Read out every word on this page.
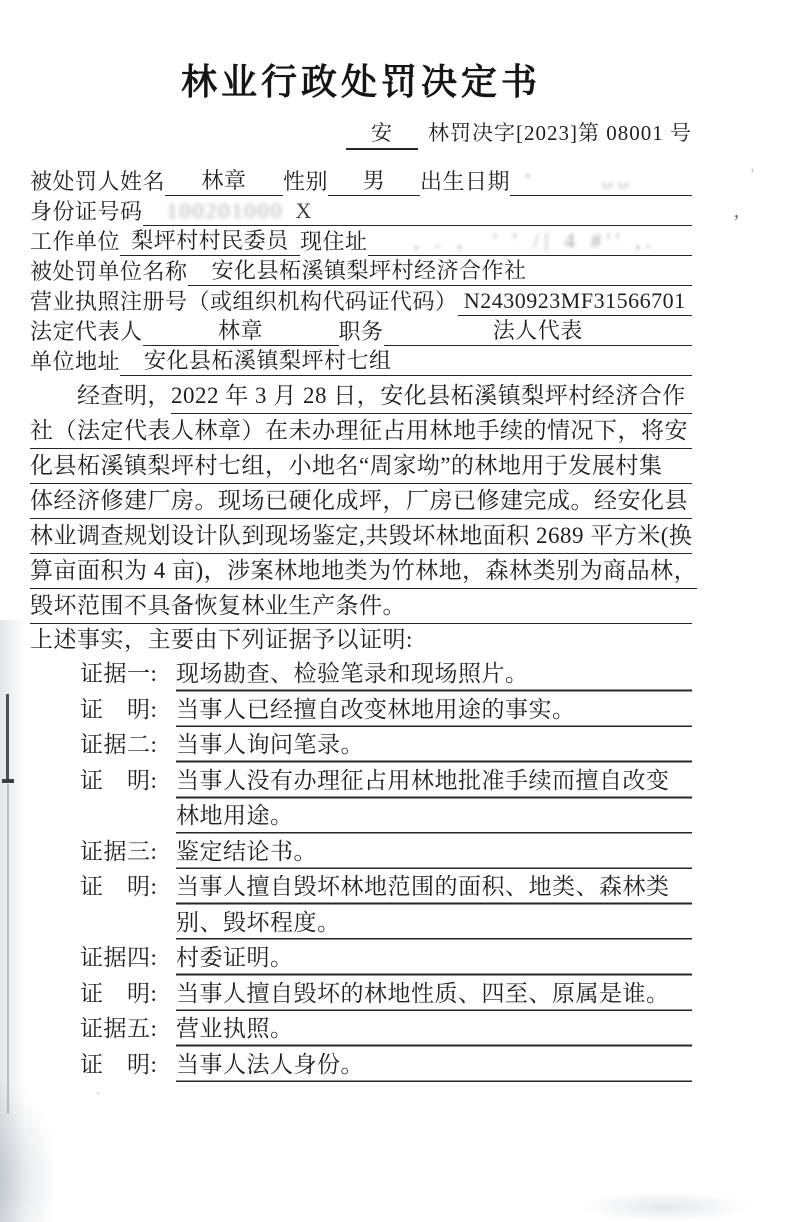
林业行政处罚决定书
安 林罚决字[2023]第 08001 号
被处罚人姓名	林章	性别	男	出生日期 ’	ᴗᴗ
身份证号码	100201000 X
工作单位 梨坪村村民委员 现住址 , . ， ' ′ /| 4 #'' ,.
被处罚单位名称	安化县柘溪镇梨坪村经济合作社
营业执照注册号（或组织机构代码证代码） N2430923MF31566701
法定代表人	林章	职务	法人代表
单位地址	安化县柘溪镇梨坪村七组
　　经查明， 2022 年 3 月 28 日，安化县柘溪镇梨坪村经济合作
社（法定代表人林章）在未办理征占用林地手续的情况下，将安
化县柘溪镇梨坪村七组，小地名“周家坳”的林地用于发展村集
体经济修建厂房。现场已硬化成坪，厂房已修建完成。经安化县
林业调查规划设计队到现场鉴定,共毁坏林地面积 2689 平方米(换
算亩面积为 4 亩)，涉案林地地类为竹林地，森林类别为商品林，
毁坏范围不具备恢复林业生产条件。
上述事实，主要由下列证据予以证明:
证据一: 现场勘查、检验笔录和现场照片。
证　明: 当事人已经擅自改变林地用途的事实。
证据二: 当事人询问笔录。
证　明: 当事人没有办理征占用林地批准手续而擅自改变林地用途。
证据三: 鉴定结论书。
证　明: 当事人擅自毁坏林地范围的面积、地类、森林类别、毁坏程度。
证据四: 村委证明。
证　明: 当事人擅自毁坏的林地性质、四至、原属是谁。
证据五: 营业执照。
证　明: 当事人法人身份。
’
ʾ
·
